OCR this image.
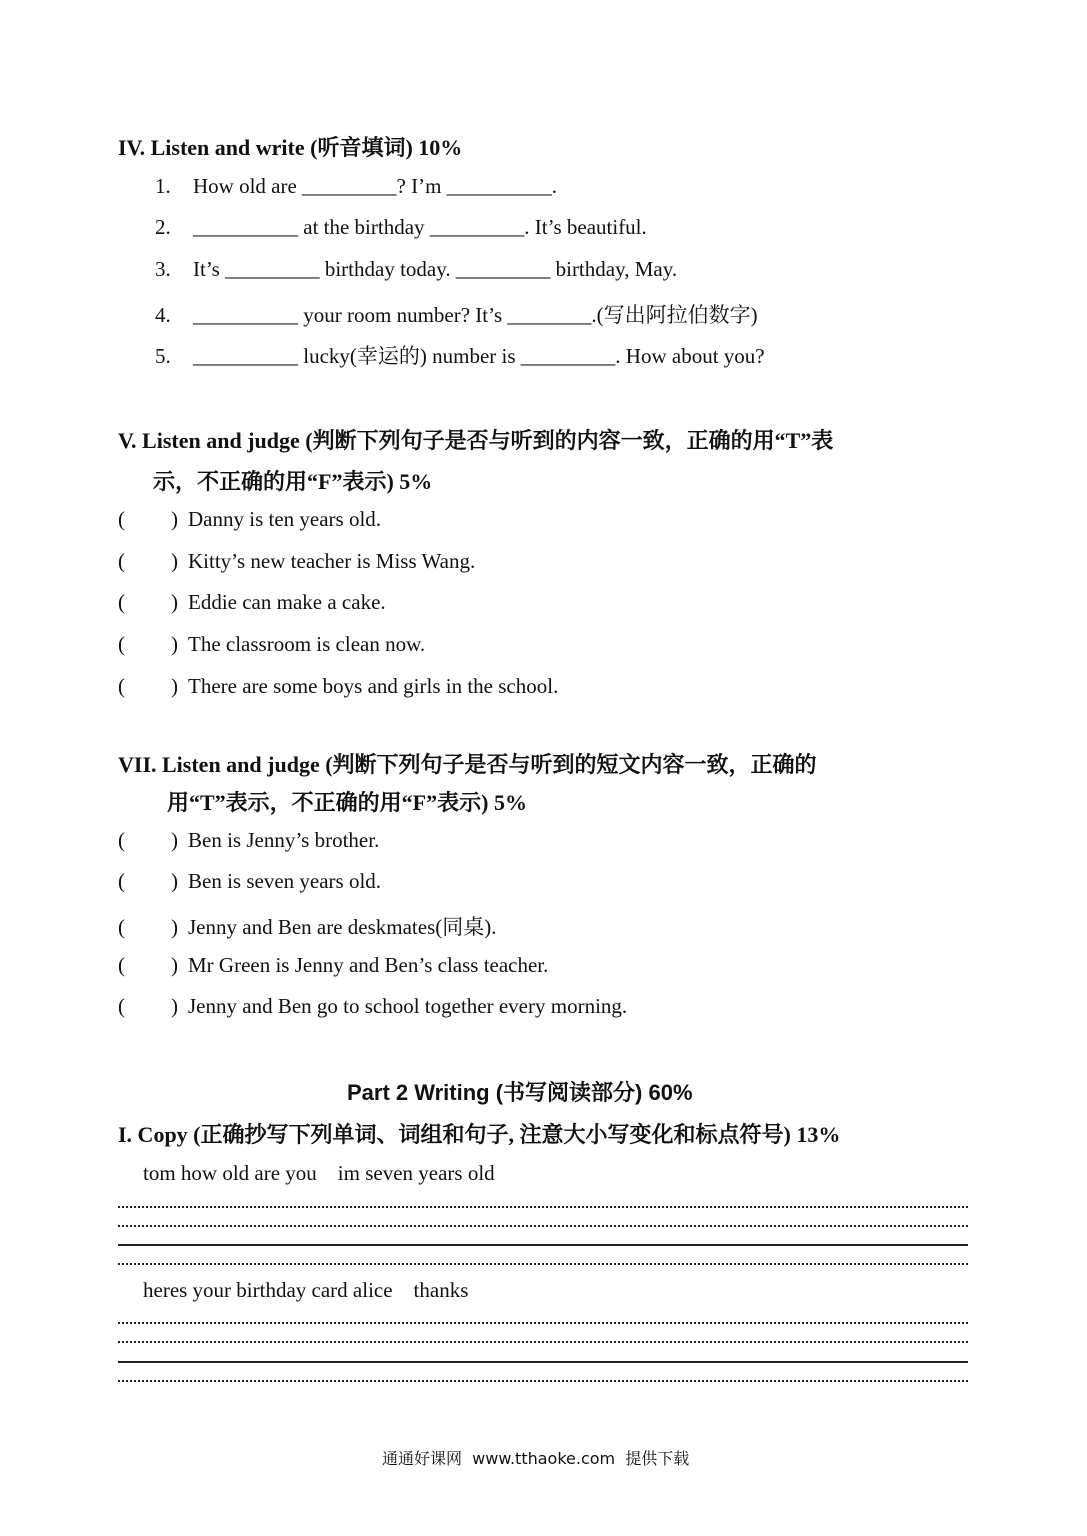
IV. Listen and write (听音填词) 10%
1. How old are _________? I’m __________.
2. __________ at the birthday _________. It’s beautiful.
3. It’s _________ birthday today. _________ birthday, May.
4. __________ your room number? It’s ________.(写出阿拉伯数字)
5. __________ lucky(幸运的) number is _________. How about you?
V. Listen and judge (判断下列句子是否与听到的内容一致，正确的用“T”表
示，不正确的用“F”表示) 5%
( ) Danny is ten years old.
( ) Kitty’s new teacher is Miss Wang.
( ) Eddie can make a cake.
( ) The classroom is clean now.
( ) There are some boys and girls in the school.
VII. Listen and judge (判断下列句子是否与听到的短文内容一致，正确的
用“T”表示，不正确的用“F”表示) 5%
( ) Ben is Jenny’s brother.
( ) Ben is seven years old.
( ) Jenny and Ben are deskmates(同桌).
( ) Mr Green is Jenny and Ben’s class teacher.
( ) Jenny and Ben go to school together every morning.
Part 2 Writing (书写阅读部分) 60%
I. Copy (正确抄写下列单词、词组和句子, 注意大小写变化和标点符号) 13%
tom how old are you    im seven years old
heres your birthday card alice    thanks
通通好课网  www.tthaoke.com  提供下载
